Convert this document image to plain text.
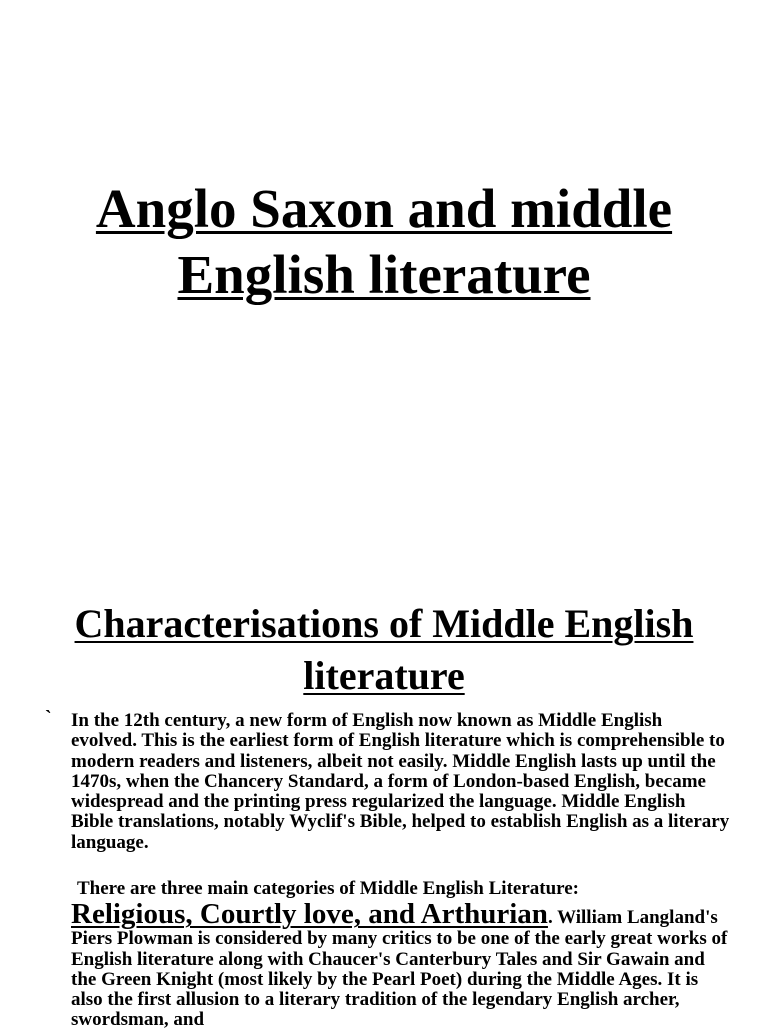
Anglo Saxon and middle
English literature
Characterisations of Middle English
literature
` In the 12th century, a new form of English now known as Middle English evolved. This is the earliest form of English literature which is comprehensible to modern readers and listeners, albeit not easily. Middle English lasts up until the 1470s, when the Chancery Standard, a form of London-based English, became widespread and the printing press regularized the language. Middle English Bible translations, notably Wyclif's Bible, helped to establish English as a literary language.

There are three main categories of Middle English Literature:
Religious, Courtly love, and Arthurian. William Langland's Piers Plowman is considered by many critics to be one of the early great works of English literature along with Chaucer's Canterbury Tales and Sir Gawain and the Green Knight (most likely by the Pearl Poet) during the Middle Ages. It is also the first allusion to a literary tradition of the legendary English archer, swordsman, and
